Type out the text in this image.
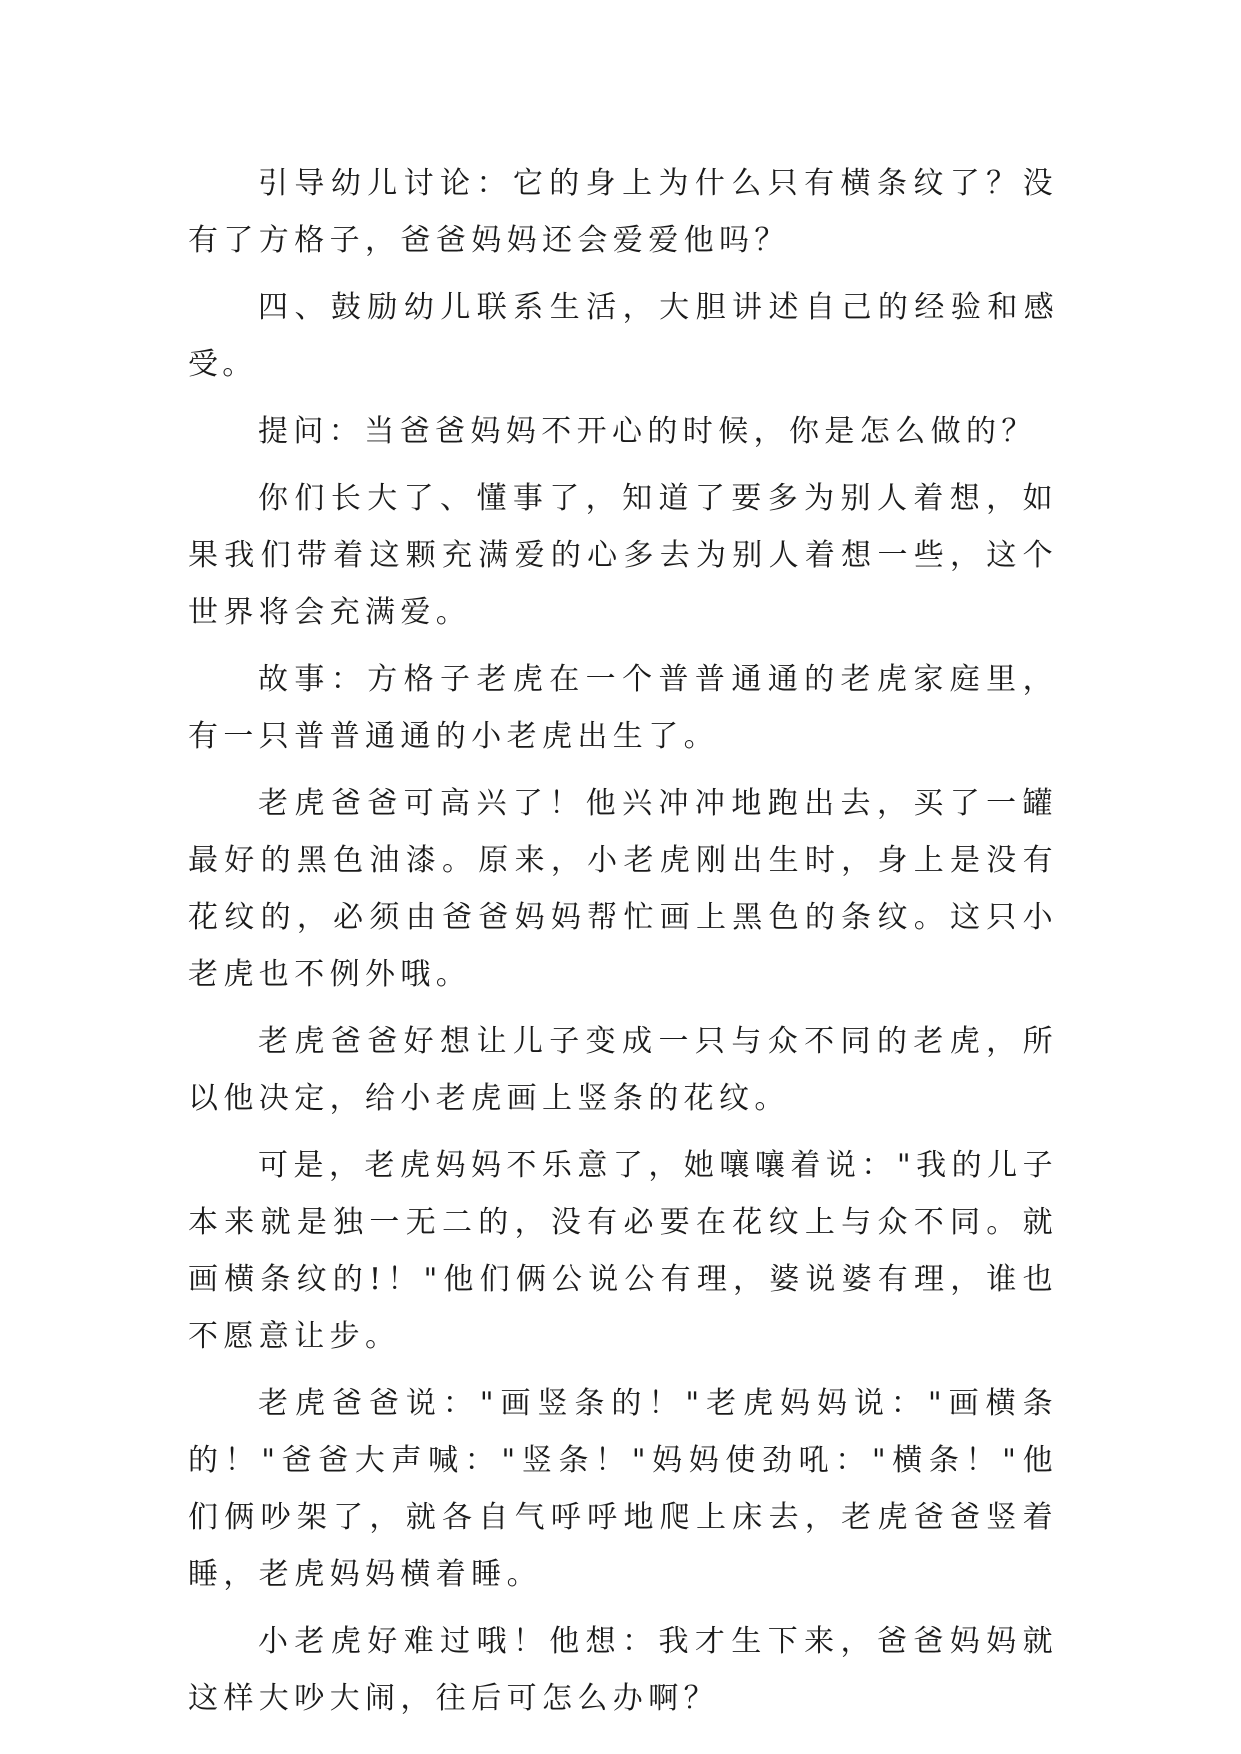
引导幼儿讨论：它的身上为什么只有横条纹了？没有了方格子，爸爸妈妈还会爱爱他吗？

四、鼓励幼儿联系生活，大胆讲述自己的经验和感受。

提问：当爸爸妈妈不开心的时候，你是怎么做的？

你们长大了、懂事了，知道了要多为别人着想，如果我们带着这颗充满爱的心多去为别人着想一些，这个世界将会充满爱。

故事：方格子老虎在一个普普通通的老虎家庭里，有一只普普通通的小老虎出生了。

老虎爸爸可高兴了！他兴冲冲地跑出去，买了一罐最好的黑色油漆。原来，小老虎刚出生时，身上是没有花纹的，必须由爸爸妈妈帮忙画上黑色的条纹。这只小老虎也不例外哦。

老虎爸爸好想让儿子变成一只与众不同的老虎，所以他决定，给小老虎画上竖条的花纹。

可是，老虎妈妈不乐意了，她嚷嚷着说："我的儿子本来就是独一无二的，没有必要在花纹上与众不同。就画横条纹的!！"他们俩公说公有理，婆说婆有理，谁也不愿意让步。

老虎爸爸说："画竖条的！"老虎妈妈说："画横条的！"爸爸大声喊："竖条！"妈妈使劲吼："横条！"他们俩吵架了，就各自气呼呼地爬上床去，老虎爸爸竖着睡，老虎妈妈横着睡。

小老虎好难过哦！他想：我才生下来，爸爸妈妈就这样大吵大闹，往后可怎么办啊？
